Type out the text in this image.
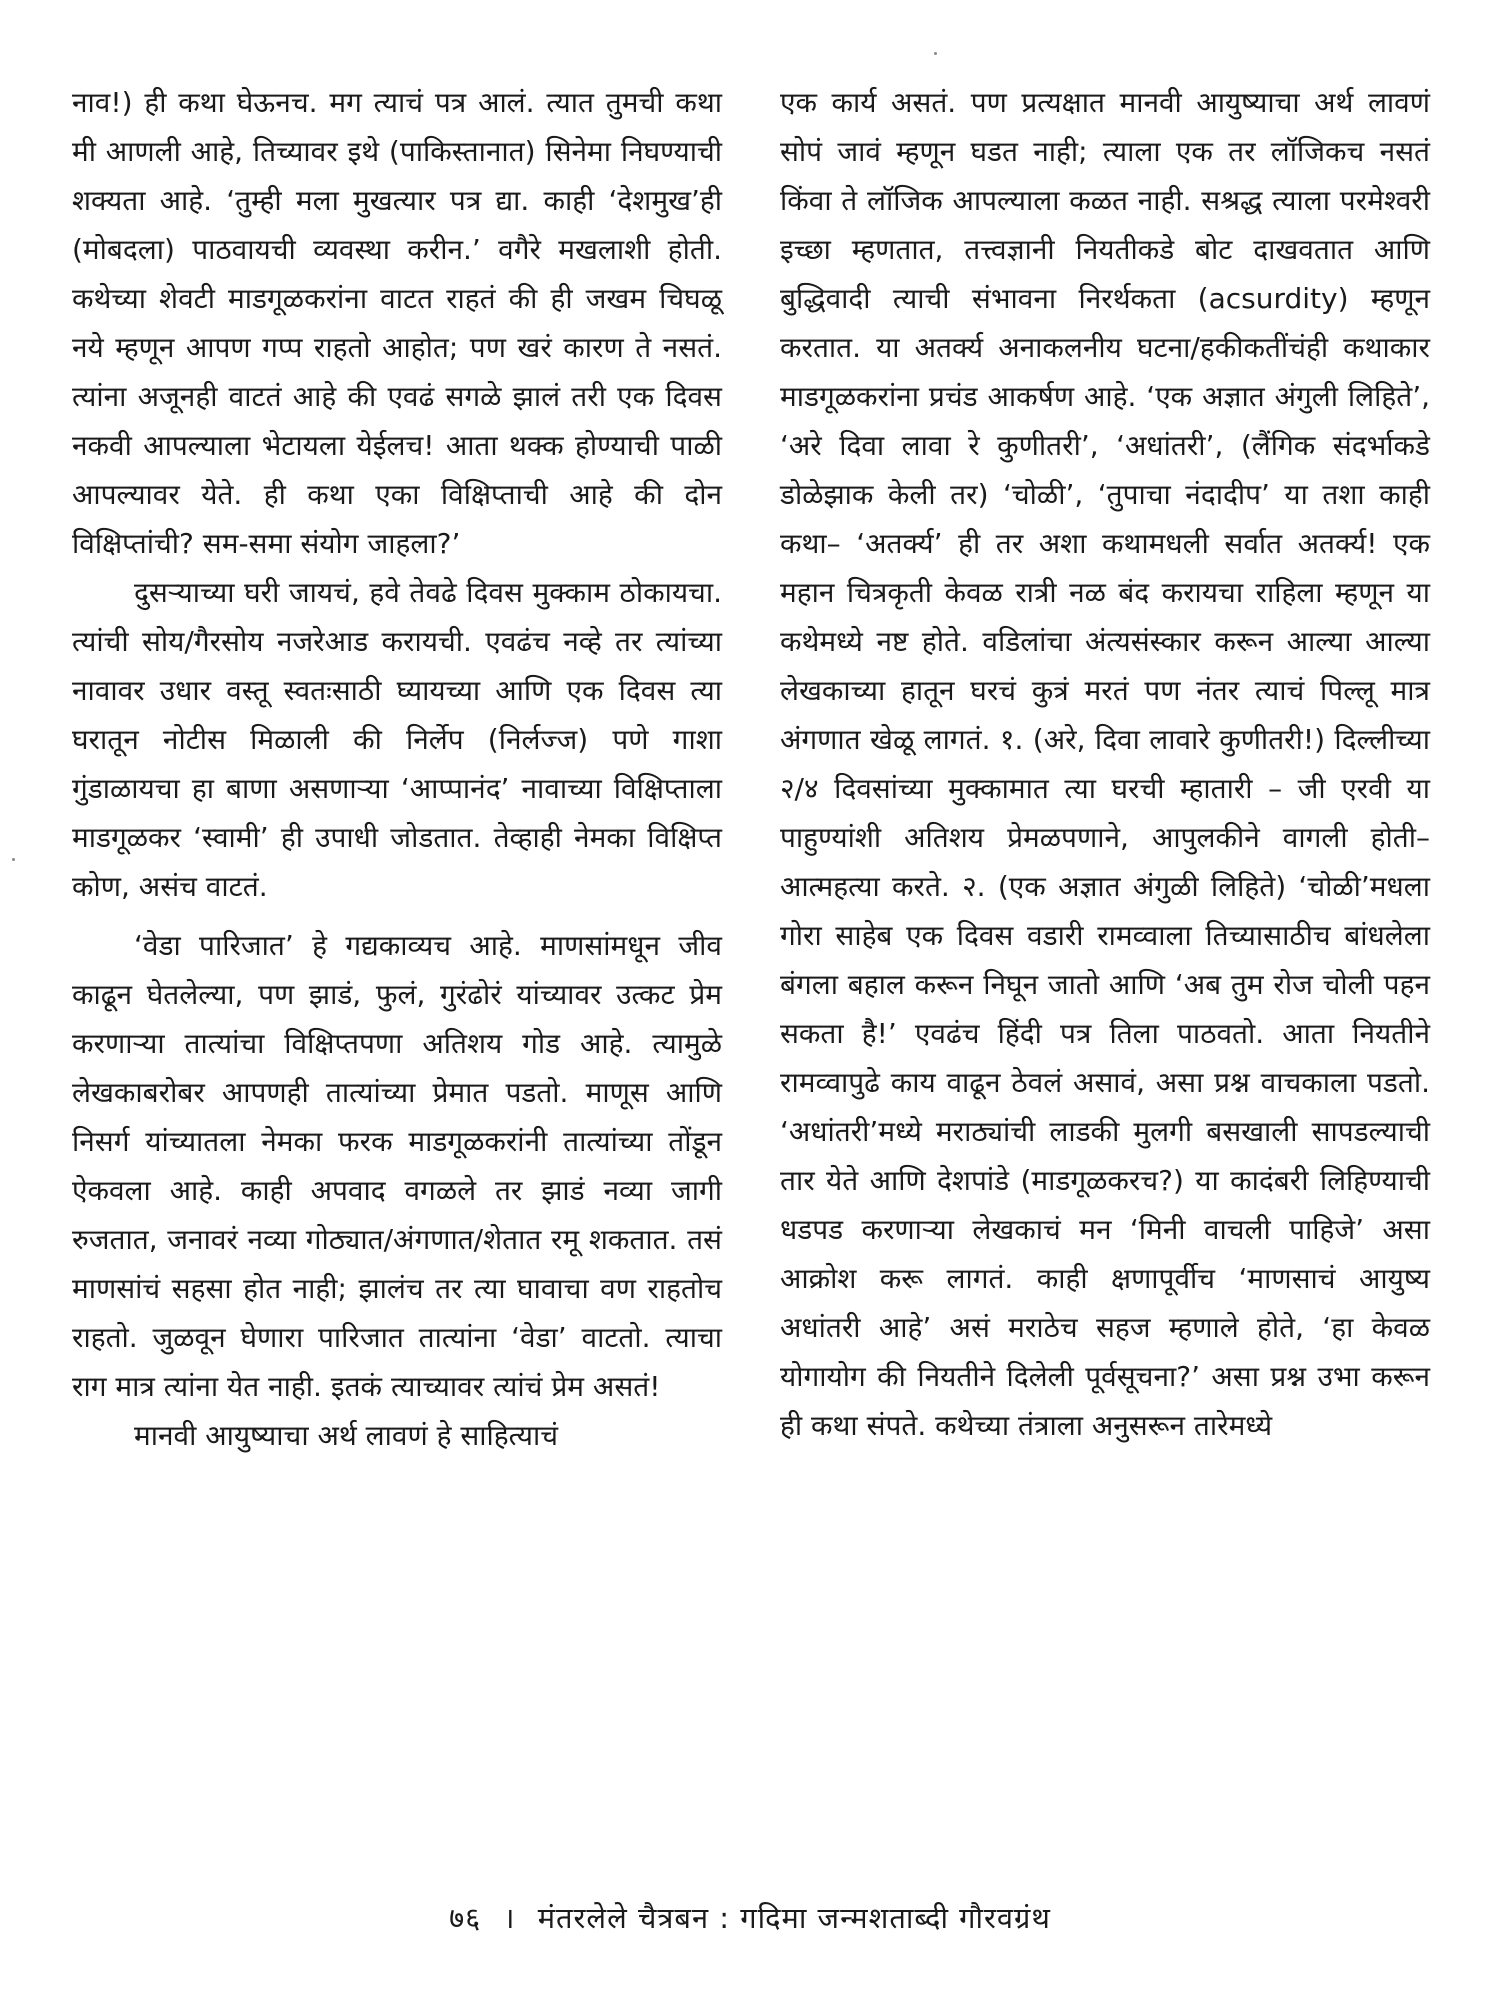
नाव!) ही कथा घेऊनच. मग त्याचं पत्र आलं. त्यात तुमची कथा मी आणली आहे, तिच्यावर इथे (पाकिस्तानात) सिनेमा निघण्याची शक्यता आहे. ‘तुम्ही मला मुखत्यार पत्र द्या. काही ‘देशमुख’ही (मोबदला) पाठवायची व्यवस्था करीन.’ वगैरे मखलाशी होती. कथेच्या शेवटी माडगूळकरांना वाटत राहतं की ही जखम चिघळू नये म्हणून आपण गप्प राहतो आहोत; पण खरं कारण ते नसतं. त्यांना अजूनही वाटतं आहे की एवढं सगळे झालं तरी एक दिवस नकवी आपल्याला भेटायला येईलच! आता थक्क होण्याची पाळी आपल्यावर येते. ही कथा एका विक्षिप्ताची आहे की दोन विक्षिप्तांची? सम-समा संयोग जाहला?’

दुसऱ्याच्या घरी जायचं, हवे तेवढे दिवस मुक्काम ठोकायचा. त्यांची सोय/गैरसोय नजरेआड करायची. एवढंच नव्हे तर त्यांच्या नावावर उधार वस्तू स्वतःसाठी घ्यायच्या आणि एक दिवस त्या घरातून नोटीस मिळाली की निर्लेप (निर्लज्ज) पणे गाशा गुंडाळायचा हा बाणा असणाऱ्या ‘आप्पानंद’ नावाच्या विक्षिप्ताला माडगूळकर ‘स्वामी’ ही उपाधी जोडतात. तेव्हाही नेमका विक्षिप्त कोण, असंच वाटतं.

‘वेडा पारिजात’ हे गद्यकाव्यच आहे. माणसांमधून जीव काढून घेतलेल्या, पण झाडं, फुलं, गुरंढोरं यांच्यावर उत्कट प्रेम करणाऱ्या तात्यांचा विक्षिप्तपणा अतिशय गोड आहे. त्यामुळे लेखकाबरोबर आपणही तात्यांच्या प्रेमात पडतो. माणूस आणि निसर्ग यांच्यातला नेमका फरक माडगूळकरांनी तात्यांच्या तोंडून ऐकवला आहे. काही अपवाद वगळले तर झाडं नव्या जागी रुजतात, जनावरं नव्या गोठ्यात/अंगणात/शेतात रमू शकतात. तसं माणसांचं सहसा होत नाही; झालंच तर त्या घावाचा वण राहतोच राहतो. जुळवून घेणारा पारिजात तात्यांना ‘वेडा’ वाटतो. त्याचा राग मात्र त्यांना येत नाही. इतकं त्याच्यावर त्यांचं प्रेम असतं!

मानवी आयुष्याचा अर्थ लावणं हे साहित्याचं

एक कार्य असतं. पण प्रत्यक्षात मानवी आयुष्याचा अर्थ लावणं सोपं जावं म्हणून घडत नाही; त्याला एक तर लॉजिकच नसतं किंवा ते लॉजिक आपल्याला कळत नाही. सश्रद्ध त्याला परमेश्वरी इच्छा म्हणतात, तत्त्वज्ञानी नियतीकडे बोट दाखवतात आणि बुद्धिवादी त्याची संभावना निरर्थकता (acsurdity) म्हणून करतात. या अतर्क्य अनाकलनीय घटना/हकीकतींचंही कथाकार माडगूळकरांना प्रचंड आकर्षण आहे. ‘एक अज्ञात अंगुली लिहिते’, ‘अरे दिवा लावा रे कुणीतरी’, ‘अधांतरी’, (लैंगिक संदर्भाकडे डोळेझाक केली तर) ‘चोळी’, ‘तुपाचा नंदादीप’ या तशा काही कथा– ‘अतर्क्य’ ही तर अशा कथामधली सर्वात अतर्क्य! एक महान चित्रकृती केवळ रात्री नळ बंद करायचा राहिला म्हणून या कथेमध्ये नष्ट होते. वडिलांचा अंत्यसंस्कार करून आल्या आल्या लेखकाच्या हातून घरचं कुत्रं मरतं पण नंतर त्याचं पिल्लू मात्र अंगणात खेळू लागतं. १. (अरे, दिवा लावारे कुणीतरी!) दिल्लीच्या २/४ दिवसांच्या मुक्कामात त्या घरची म्हातारी – जी एरवी या पाहुण्यांशी अतिशय प्रेमळपणाने, आपुलकीने वागली होती– आत्महत्या करते. २. (एक अज्ञात अंगुळी लिहिते) ‘चोळी’मधला गोरा साहेब एक दिवस वडारी रामव्वाला तिच्यासाठीच बांधलेला बंगला बहाल करून निघून जातो आणि ‘अब तुम रोज चोली पहन सकता है!’ एवढंच हिंदी पत्र तिला पाठवतो. आता नियतीने रामव्वापुढे काय वाढून ठेवलं असावं, असा प्रश्न वाचकाला पडतो. ‘अधांतरी’मध्ये मराठ्यांची लाडकी मुलगी बसखाली सापडल्याची तार येते आणि देशपांडे (माडगूळकरच?) या कादंबरी लिहिण्याची धडपड करणाऱ्या लेखकाचं मन ‘मिनी वाचली पाहिजे’ असा आक्रोश करू लागतं. काही क्षणापूर्वीच ‘माणसाचं आयुष्य अधांतरी आहे’ असं मराठेच सहज म्हणाले होते, ‘हा केवळ योगायोग की नियतीने दिलेली पूर्वसूचना?’ असा प्रश्न उभा करून ही कथा संपते. कथेच्या तंत्राला अनुसरून तारेमध्ये

७६ । मंतरलेले चैत्रबन : गदिमा जन्मशताब्दी गौरवग्रंथ
